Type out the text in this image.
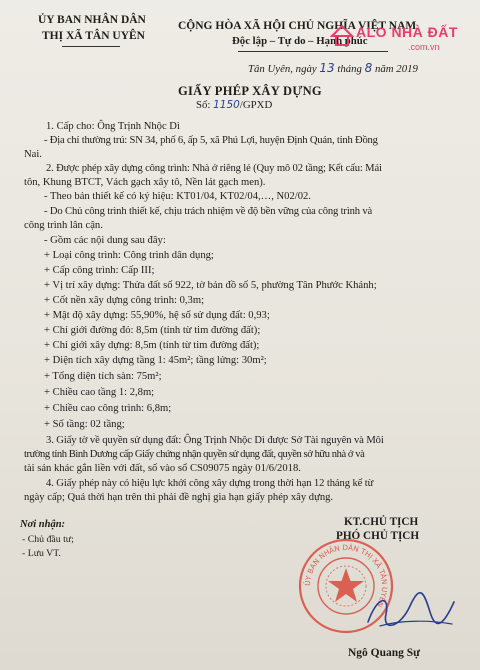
ỦY BAN NHÂN DÂN
THỊ XÃ TÂN UYÊN
CỘNG HÒA XÃ HỘI CHỦ NGHĨA VIỆT NAM
Độc lập – Tự do – Hạnh phúc
ALO NHÀ ĐẤT
.com.vn
Tân Uyên, ngày 13 tháng 8 năm 2019
GIẤY PHÉP XÂY DỰNG
Số: 1150/GPXD
1. Cấp cho: Ông Trịnh Nhộc Dì
- Địa chỉ thường trú: SN 34, phố 6, ấp 5, xã Phú Lợi, huyện Định Quán, tỉnh Đồng
Nai.
2. Được phép xây dựng công trình: Nhà ở riêng lẻ (Quy mô 02 tầng; Kết cấu: Mái
tôn, Khung BTCT, Vách gạch xây tô, Nền lát gạch men).
- Theo bản thiết kế có ký hiệu: KT01/04, KT02/04,…, N02/02.
- Do Chủ công trình thiết kế, chịu trách nhiệm về độ bền vững của công trình và
công trình lân cận.
- Gồm các nội dung sau đây:
+ Loại công trình: Công trình dân dụng;
+ Cấp công trình: Cấp III;
+ Vị trí xây dựng: Thửa đất số 922, tờ bản đồ số 5, phường Tân Phước Khánh;
+ Cốt nền xây dựng công trình: 0,3m;
+ Mật độ xây dựng: 55,90%, hệ số sử dụng đất: 0,93;
+ Chỉ giới đường đỏ: 8,5m (tính từ tim đường đất);
+ Chỉ giới xây dựng: 8,5m (tính từ tim đường đất);
+ Diện tích xây dựng tầng 1: 45m²; tầng lửng: 30m²;
+ Tổng diện tích sàn: 75m²;
+ Chiều cao tầng 1: 2,8m;
+ Chiều cao công trình: 6,8m;
+ Số tầng: 02 tầng;
3. Giấy tờ về quyền sử dụng đất: Ông Trịnh Nhộc Dì được Sở Tài nguyên và Môi
trường tỉnh Bình Dương cấp Giấy chứng nhận quyền sử dụng đất, quyền sở hữu nhà ở và
tài sản khác gắn liền với đất, số vào sổ CS09075 ngày 01/6/2018.
4. Giấy phép này có hiệu lực khởi công xây dựng trong thời hạn 12 tháng kể từ
ngày cấp; Quá thời hạn trên thì phải đề nghị gia hạn giấy phép xây dựng.
Nơi nhận:
- Chủ đầu tư;
- Lưu VT.
KT.CHỦ TỊCH
PHÓ CHỦ TỊCH
ỦY BAN NHÂN DÂN THỊ XÃ TÂN UYÊN
Ngô Quang Sự
